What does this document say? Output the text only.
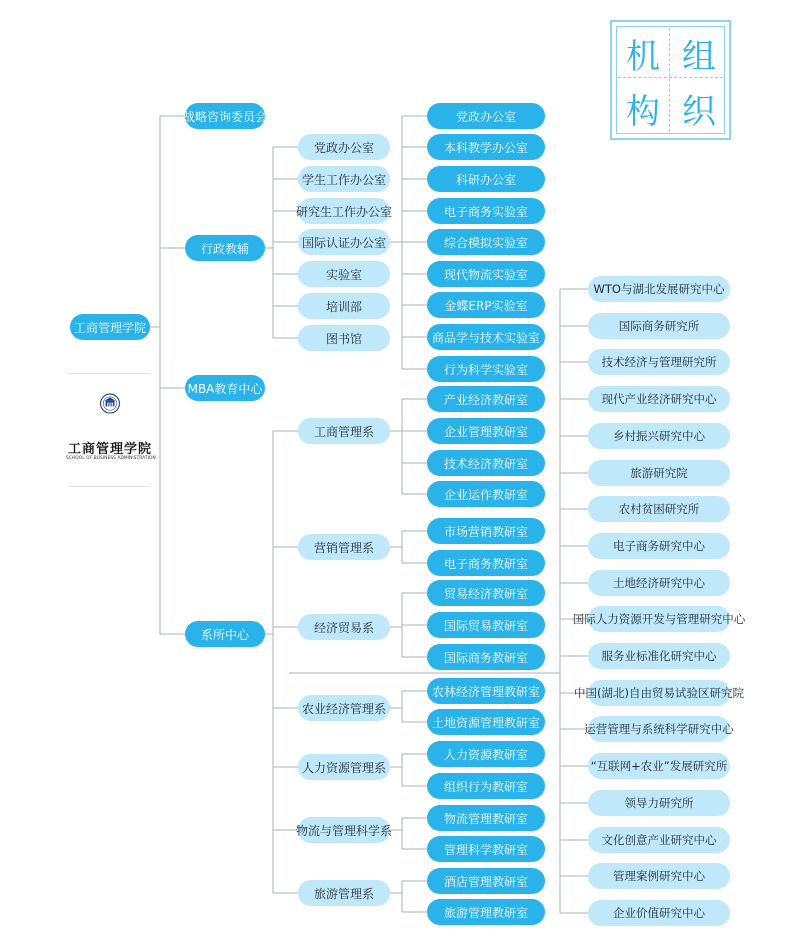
机 组
构 织
工商管理学院
SCHOOL OF BUSINESS ADMINISTRATION
工商管理学院
战略咨询委员会
行政教辅
MBA教育中心
系所中心
党政办公室
学生工作办公室
研究生工作办公室
国际认证办公室
实验室
培训部
图书馆
党政办公室
本科教学办公室
科研办公室
电子商务实验室
综合模拟实验室
现代物流实验室
金蝶ERP实验室
商品学与技术实验室
行为科学实验室
工商管理系
产业经济教研室
企业管理教研室
技术经济教研室
企业运作教研室
营销管理系
市场营销教研室
电子商务教研室
经济贸易系
贸易经济教研室
国际贸易教研室
国际商务教研室
农业经济管理系
农林经济管理教研室
土地资源管理教研室
人力资源管理系
人力资源教研室
组织行为教研室
物流与管理科学系
物流管理教研室
管理科学教研室
旅游管理系
酒店管理教研室
旅游管理教研室
WTO与湖北发展研究中心
国际商务研究所
技术经济与管理研究所
现代产业经济研究中心
乡村振兴研究中心
旅游研究院
农村贫困研究所
电子商务研究中心
土地经济研究中心
国际人力资源开发与管理研究中心
服务业标准化研究中心
中国(湖北)自由贸易试验区研究院
运营管理与系统科学研究中心
“互联网+农业”发展研究所
领导力研究所
文化创意产业研究中心
管理案例研究中心
企业价值研究中心
